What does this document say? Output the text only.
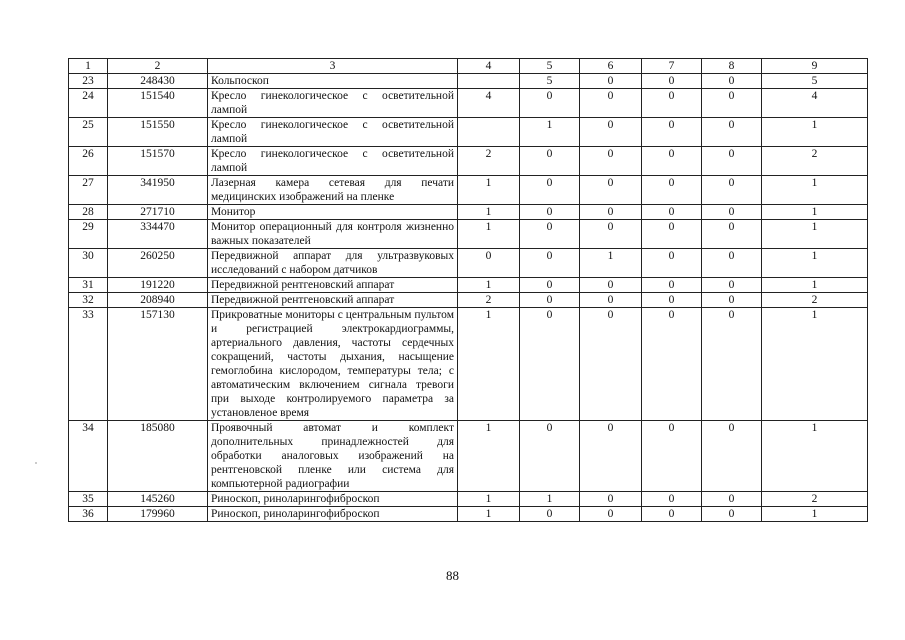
1	2	3	4	5	6	7	8	9
23	248430	Кольпоскоп		5	0	0	0	5
24	151540	Кресло гинекологическое с осветительной лампой	4	0	0	0	0	4
25	151550	Кресло гинекологическое с осветительной лампой		1	0	0	0	1
26	151570	Кресло гинекологическое с осветительной лампой	2	0	0	0	0	2
27	341950	Лазерная камера сетевая для печати медицинских изображений на пленке	1	0	0	0	0	1
28	271710	Монитор	1	0	0	0	0	1
29	334470	Монитор операционный для контроля жизненно важных показателей	1	0	0	0	0	1
30	260250	Передвижной аппарат для ультразвуковых исследований с набором датчиков	0	0	1	0	0	1
31	191220	Передвижной рентгеновский аппарат	1	0	0	0	0	1
32	208940	Передвижной рентгеновский аппарат	2	0	0	0	0	2
33	157130	Прикроватные мониторы с центральным пультом и регистрацией электрокардиограммы, артериального давления, частоты сердечных сокращений, частоты дыхания, насыщение гемоглобина кислородом, температуры тела; с автоматическим включением сигнала тревоги при выходе контролируемого параметра за установленое время	1	0	0	0	0	1
34	185080	Проявочный автомат и комплект дополнительных принадлежностей для обработки аналоговых изображений на рентгеновской пленке или система для компьютерной радиографии	1	0	0	0	0	1
35	145260	Риноскоп, риноларингофиброскоп	1	1	0	0	0	2
36	179960	Риноскоп, риноларингофиброскоп	1	0	0	0	0	1
88
